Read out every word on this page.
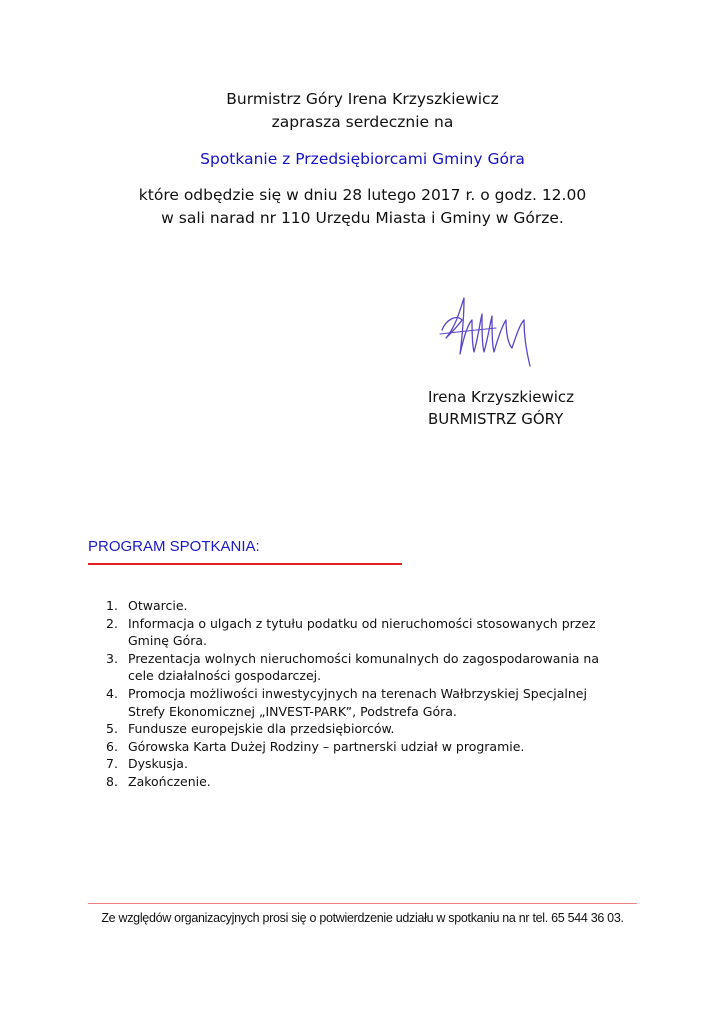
Burmistrz Góry Irena Krzyszkiewicz
zaprasza serdecznie na
Spotkanie z Przedsiębiorcami Gminy Góra
które odbędzie się w dniu 28 lutego 2017 r. o godz. 12.00
w sali narad nr 110 Urzędu Miasta i Gminy w Górze.
Irena Krzyszkiewicz
BURMISTRZ GÓRY
PROGRAM SPOTKANIA:
1. Otwarcie.
2. Informacja o ulgach z tytułu podatku od nieruchomości stosowanych przez Gminę Góra.
3. Prezentacja wolnych nieruchomości komunalnych do zagospodarowania na cele działalności gospodarczej.
4. Promocja możliwości inwestycyjnych na terenach Wałbrzyskiej Specjalnej Strefy Ekonomicznej „INVEST-PARK”, Podstrefa Góra.
5. Fundusze europejskie dla przedsiębiorców.
6. Górowska Karta Dużej Rodziny – partnerski udział w programie.
7. Dyskusja.
8. Zakończenie.
Ze względów organizacyjnych prosi się o potwierdzenie udziału w spotkaniu na nr tel. 65 544 36 03.
